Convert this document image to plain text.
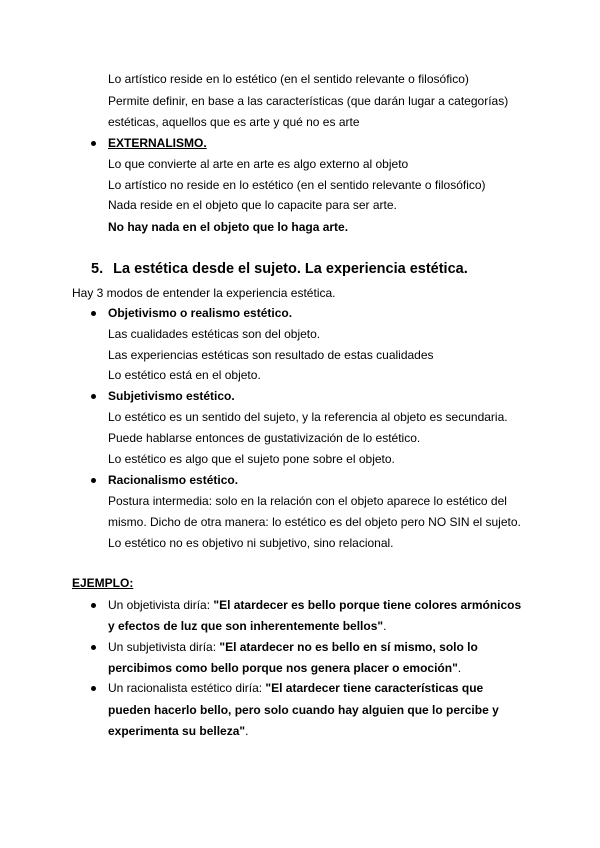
Lo artístico reside en lo estético (en el sentido relevante o filosófico)
Permite definir, en base a las características (que darán lugar a categorías)
estéticas, aquellos que es arte y qué no es arte
EXTERNALISMO.
Lo que convierte al arte en arte es algo externo al objeto
Lo artístico no reside en lo estético (en el sentido relevante o filosófico)
Nada reside en el objeto que lo capacite para ser arte.
No hay nada en el objeto que lo haga arte.
5. La estética desde el sujeto. La experiencia estética.
Hay 3 modos de entender la experiencia estética.
Objetivismo o realismo estético.
Las cualidades estéticas son del objeto.
Las experiencias estéticas son resultado de estas cualidades
Lo estético está en el objeto.
Subjetivismo estético.
Lo estético es un sentido del sujeto, y la referencia al objeto es secundaria.
Puede hablarse entonces de gustativización de lo estético.
Lo estético es algo que el sujeto pone sobre el objeto.
Racionalismo estético.
Postura intermedia: solo en la relación con el objeto aparece lo estético del
mismo. Dicho de otra manera: lo estético es del objeto pero NO SIN el sujeto.
Lo estético no es objetivo ni subjetivo, sino relacional.
EJEMPLO:
Un objetivista diría: "El atardecer es bello porque tiene colores armónicos
y efectos de luz que son inherentemente bellos".
Un subjetivista diría: "El atardecer no es bello en sí mismo, solo lo
percibimos como bello porque nos genera placer o emoción".
Un racionalista estético diría: "El atardecer tiene características que
pueden hacerlo bello, pero solo cuando hay alguien que lo percibe y
experimenta su belleza".
